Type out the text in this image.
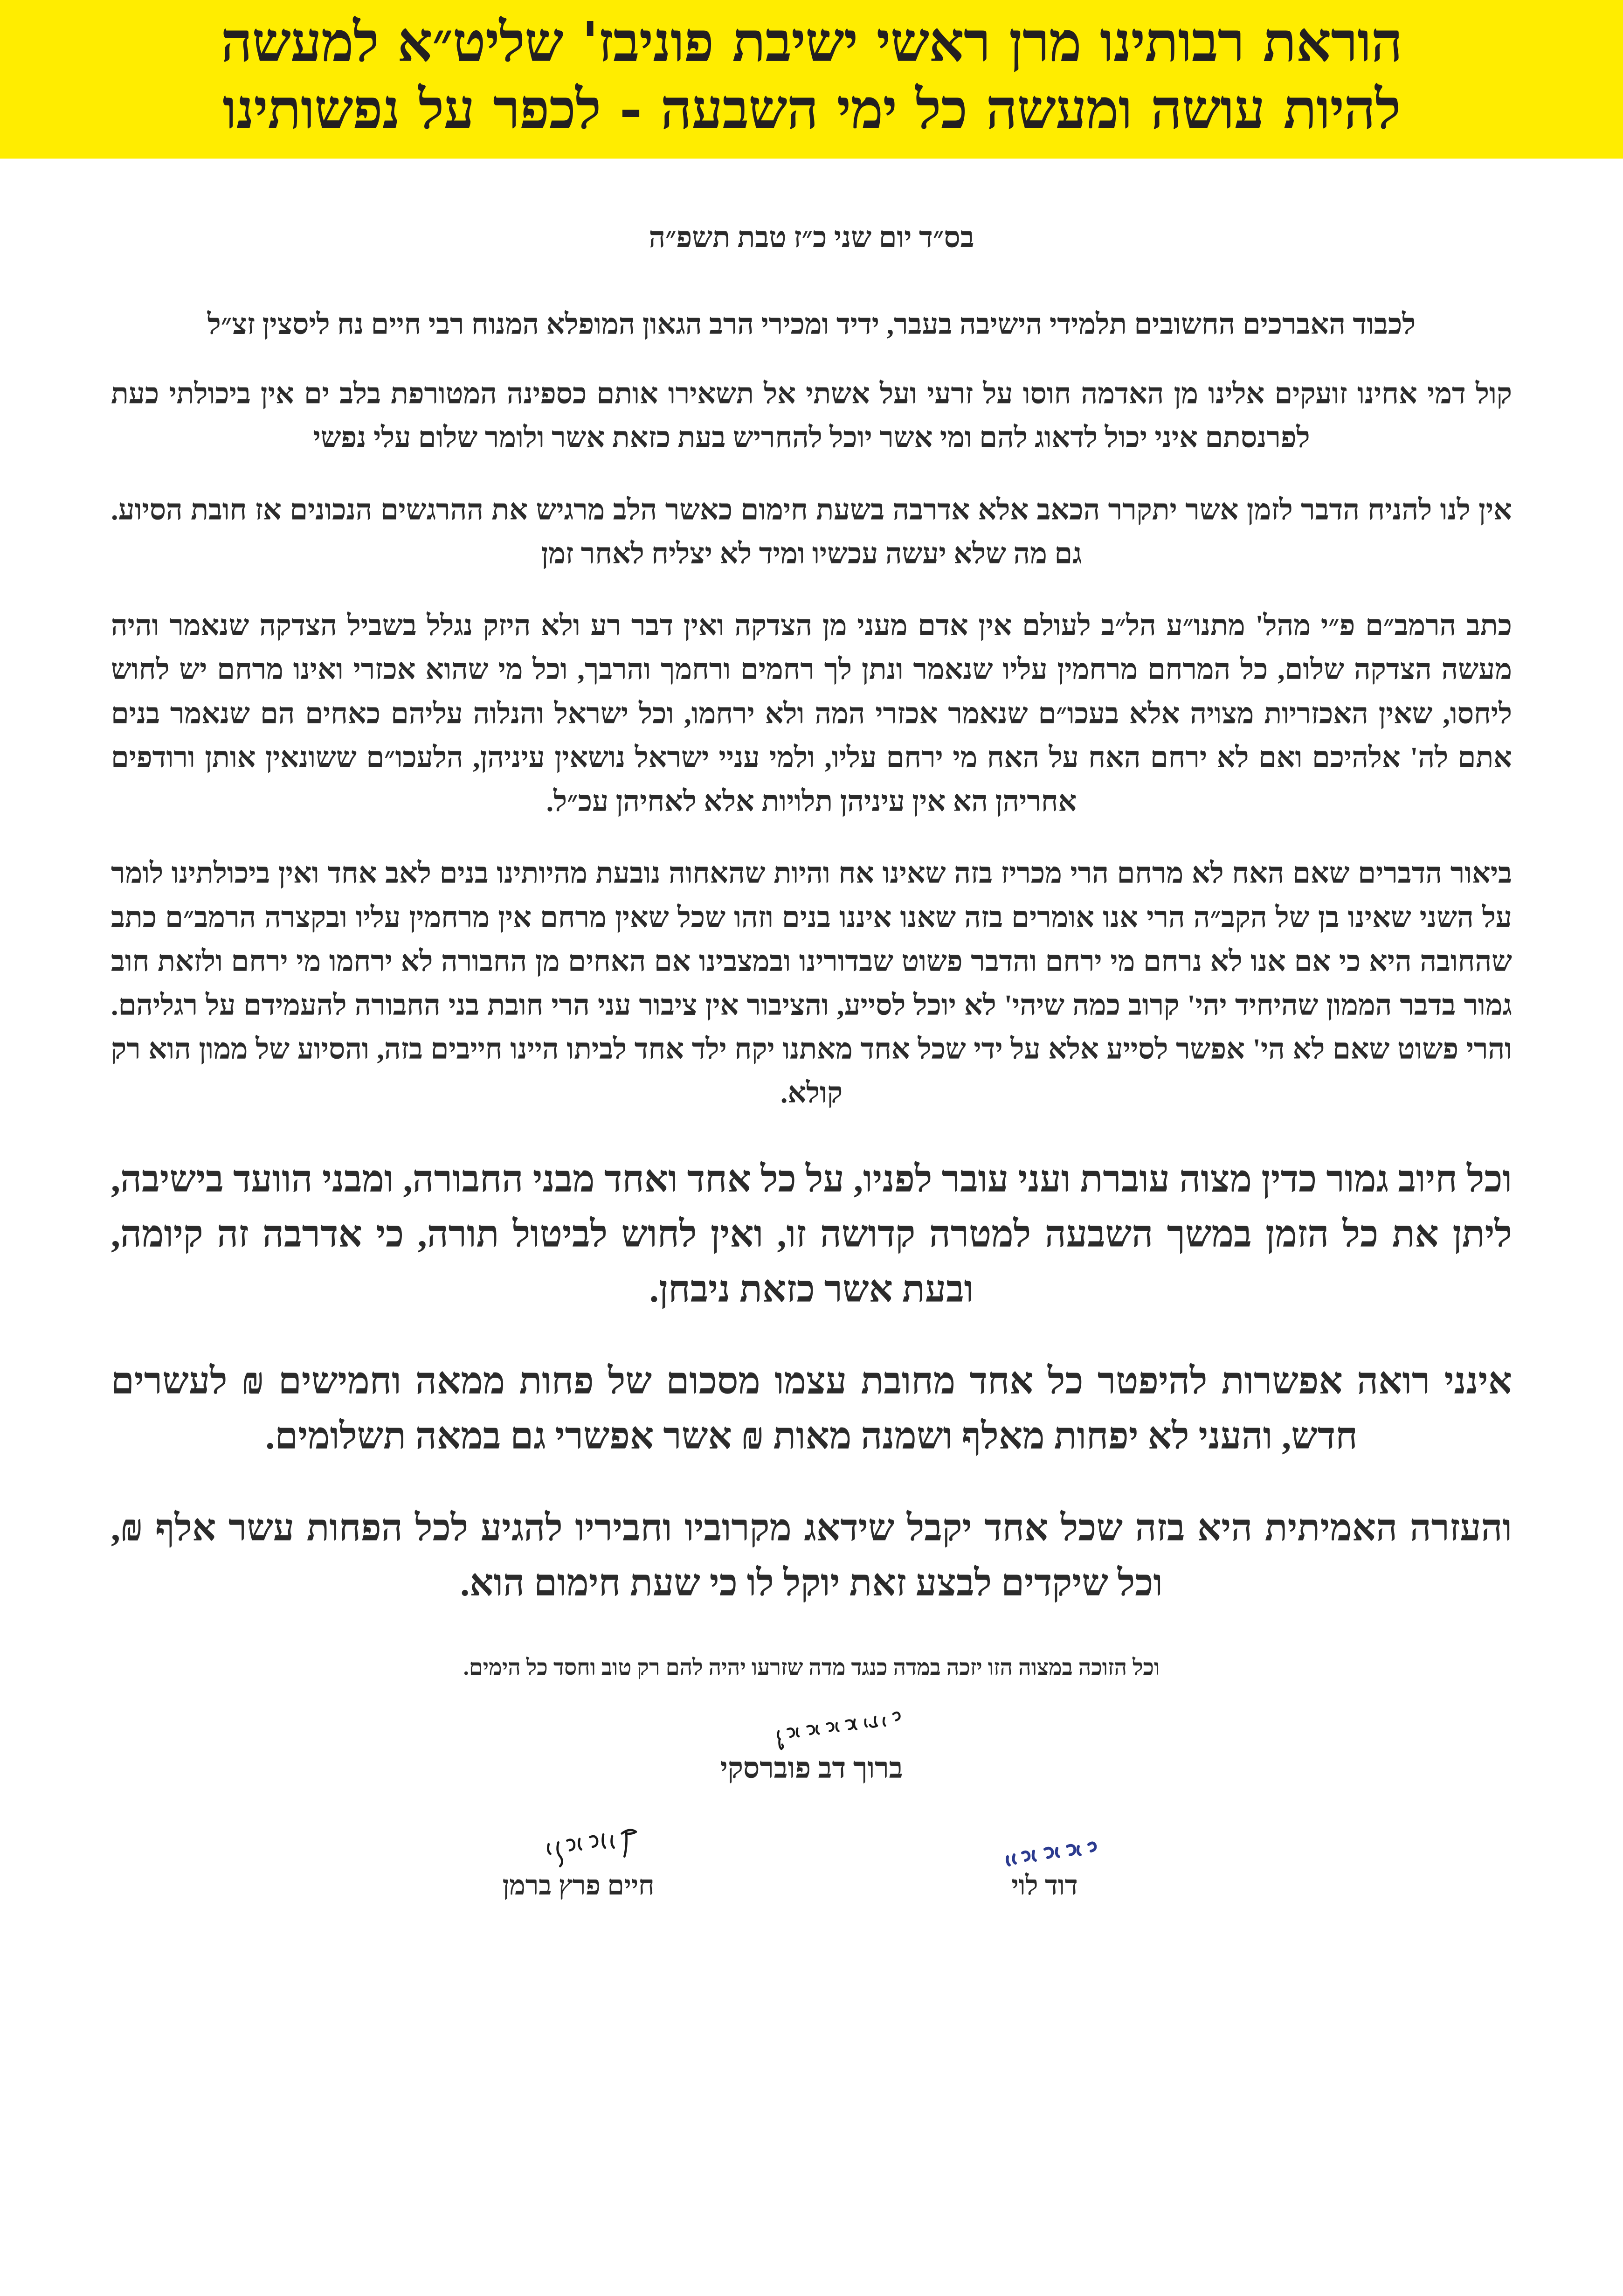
הוראת רבותינו מרן ראשי ישיבת פוניבז' שליט״א למעשה
להיות עושה ומעשה כל ימי השבעה - לכפר על נפשותינו
בס״ד יום שני כ״ז טבת תשפ״ה
לכבוד האברכים החשובים תלמידי הישיבה בעבר, ידיד ומכירי הרב הגאון המופלא המנוח רבי חיים נח ליסצין זצ״ל

קול דמי אחינו זועקים אלינו מן האדמה חוסו על זרעי ועל אשתי אל תשאירו אותם כספינה המטורפת בלב ים אין ביכולתי כעת לפרנסתם איני יכול לדאוג להם ומי אשר יוכל להחריש בעת כזאת אשר ולומר שלום עלי נפשי

אין לנו להניח הדבר לזמן אשר יתקרר הכאב אלא אדרבה בשעת חימום כאשר הלב מרגיש את ההרגשים הנכונים אז חובת הסיוע. גם מה שלא יעשה עכשיו ומיד לא יצליח לאחר זמן

כתב הרמב״ם פ״י מהל' מתנו״ע הל״ב לעולם אין אדם מעני מן הצדקה ואין דבר רע ולא היזק נגלל בשביל הצדקה שנאמר והיה מעשה הצדקה שלום, כל המרחם מרחמין עליו שנאמר ונתן לך רחמים ורחמך והרבך, וכל מי שהוא אכזרי ואינו מרחם יש לחוש ליחסו, שאין האכזריות מצויה אלא בעכו״ם שנאמר אכזרי המה ולא ירחמו, וכל ישראל והנלוה עליהם כאחים הם שנאמר בנים אתם לה' אלהיכם ואם לא ירחם האח על האח מי ירחם עליו, ולמי עניי ישראל נושאין עיניהן, הלעכו״ם ששונאין אותן ורודפים אחריהן הא אין עיניהן תלויות אלא לאחיהן עכ״ל.

ביאור הדברים שאם האח לא מרחם הרי מכריז בזה שאינו אח והיות שהאחוה נובעת מהיותינו בנים לאב אחד ואין ביכולתינו לומר על השני שאינו בן של הקב״ה הרי אנו אומרים בזה שאנו איננו בנים וזהו שכל שאין מרחם אין מרחמין עליו ובקצרה הרמב״ם כתב שהחובה היא כי אם אנו לא נרחם מי ירחם והדבר פשוט שבדורינו ובמצבינו אם האחים מן החבורה לא ירחמו מי ירחם ולזאת חוב גמור בדבר הממון שהיחיד יהי' קרוב כמה שיהי' לא יוכל לסייע, והציבור אין ציבור עני הרי חובת בני החבורה להעמידם על רגליהם. והרי פשוט שאם לא הי' אפשר לסייע אלא על ידי שכל אחד מאתנו יקח ילד אחד לביתו היינו חייבים בזה, והסיוע של ממון הוא רק קולא.

וכל חיוב גמור כדין מצוה עוברת ועני עובר לפניו, על כל אחד ואחד מבני החבורה, ומבני הוועד בישיבה, ליתן את כל הזמן במשך השבעה למטרה קדושה זו, ואין לחוש לביטול תורה, כי אדרבה זה קיומה, ובעת אשר כזאת ניבחן.

אינני רואה אפשרות להיפטר כל אחד מחובת עצמו מסכום של פחות ממאה וחמישים ₪ לעשרים חדש, והעני לא יפחות מאלף ושמנה מאות ₪ אשר אפשרי גם במאה תשלומים.

והעזרה האמיתית היא בזה שכל אחד יקבל שידאג מקרוביו וחביריו להגיע לכל הפחות עשר אלף ₪, וכל שיקדים לבצע זאת יוקל לו כי שעת חימום הוא.

וכל הזוכה במצוה הזו יזכה במדה כנגד מדה שזרעו יהיה להם רק טוב וחסד כל הימים.

ברוך דב פוברסקי
דוד לוי
חיים פרץ ברמן
